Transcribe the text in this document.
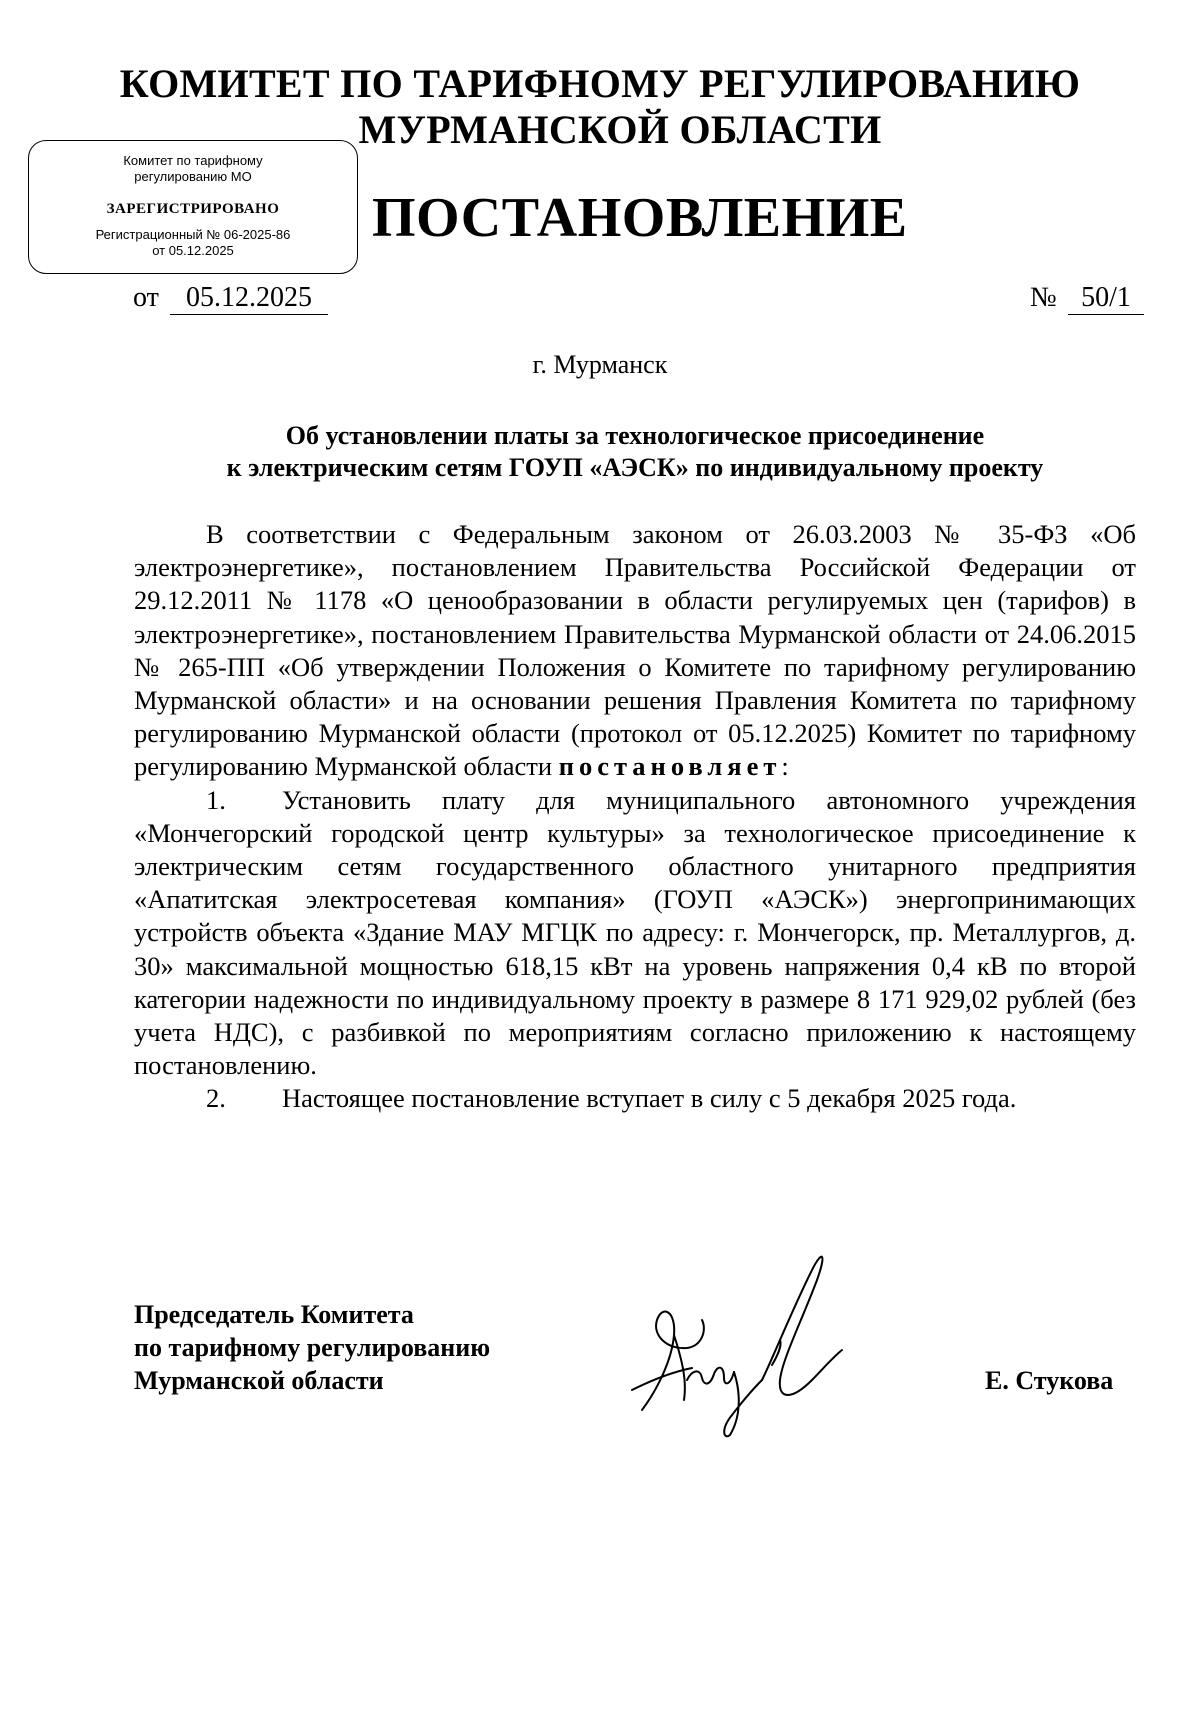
КОМИТЕТ ПО ТАРИФНОМУ РЕГУЛИРОВАНИЮ
МУРМАНСКОЙ ОБЛАСТИ
Комитет по тарифному
регулированию МО
ЗАРЕГИСТРИРОВАНО
Регистрационный № 06-2025-86
от 05.12.2025
ПОСТАНОВЛЕНИЕ
от 05.12.2025	№ 50/1
г. Мурманск
Об установлении платы за технологическое присоединение
к электрическим сетям ГОУП «АЭСК» по индивидуальному проекту

В соответствии с Федеральным законом от 26.03.2003 № 35-ФЗ «Об электроэнергетике», постановлением Правительства Российской Федерации от 29.12.2011 № 1178 «О ценообразовании в области регулируемых цен (тарифов) в электроэнергетике», постановлением Правительства Мурманской области от 24.06.2015 № 265-ПП «Об утверждении Положения о Комитете по тарифному регулированию Мурманской области» и на основании решения Правления Комитета по тарифному регулированию Мурманской области (протокол от 05.12.2025) Комитет по тарифному регулированию Мурманской области постановляет:

1. Установить плату для муниципального автономного учреждения «Мончегорский городской центр культуры» за технологическое присоединение к электрическим сетям государственного областного унитарного предприятия «Апатитская электросетевая компания» (ГОУП «АЭСК») энергопринимающих устройств объекта «Здание МАУ МГЦК по адресу: г. Мончегорск, пр. Металлургов, д. 30» максимальной мощностью 618,15 кВт на уровень напряжения 0,4 кВ по второй категории надежности по индивидуальному проекту в размере 8 171 929,02 рублей (без учета НДС), с разбивкой по мероприятиям согласно приложению к настоящему постановлению.

2. Настоящее постановление вступает в силу с 5 декабря 2025 года.

Председатель Комитета
по тарифному регулированию
Мурманской области	Е. Стукова
